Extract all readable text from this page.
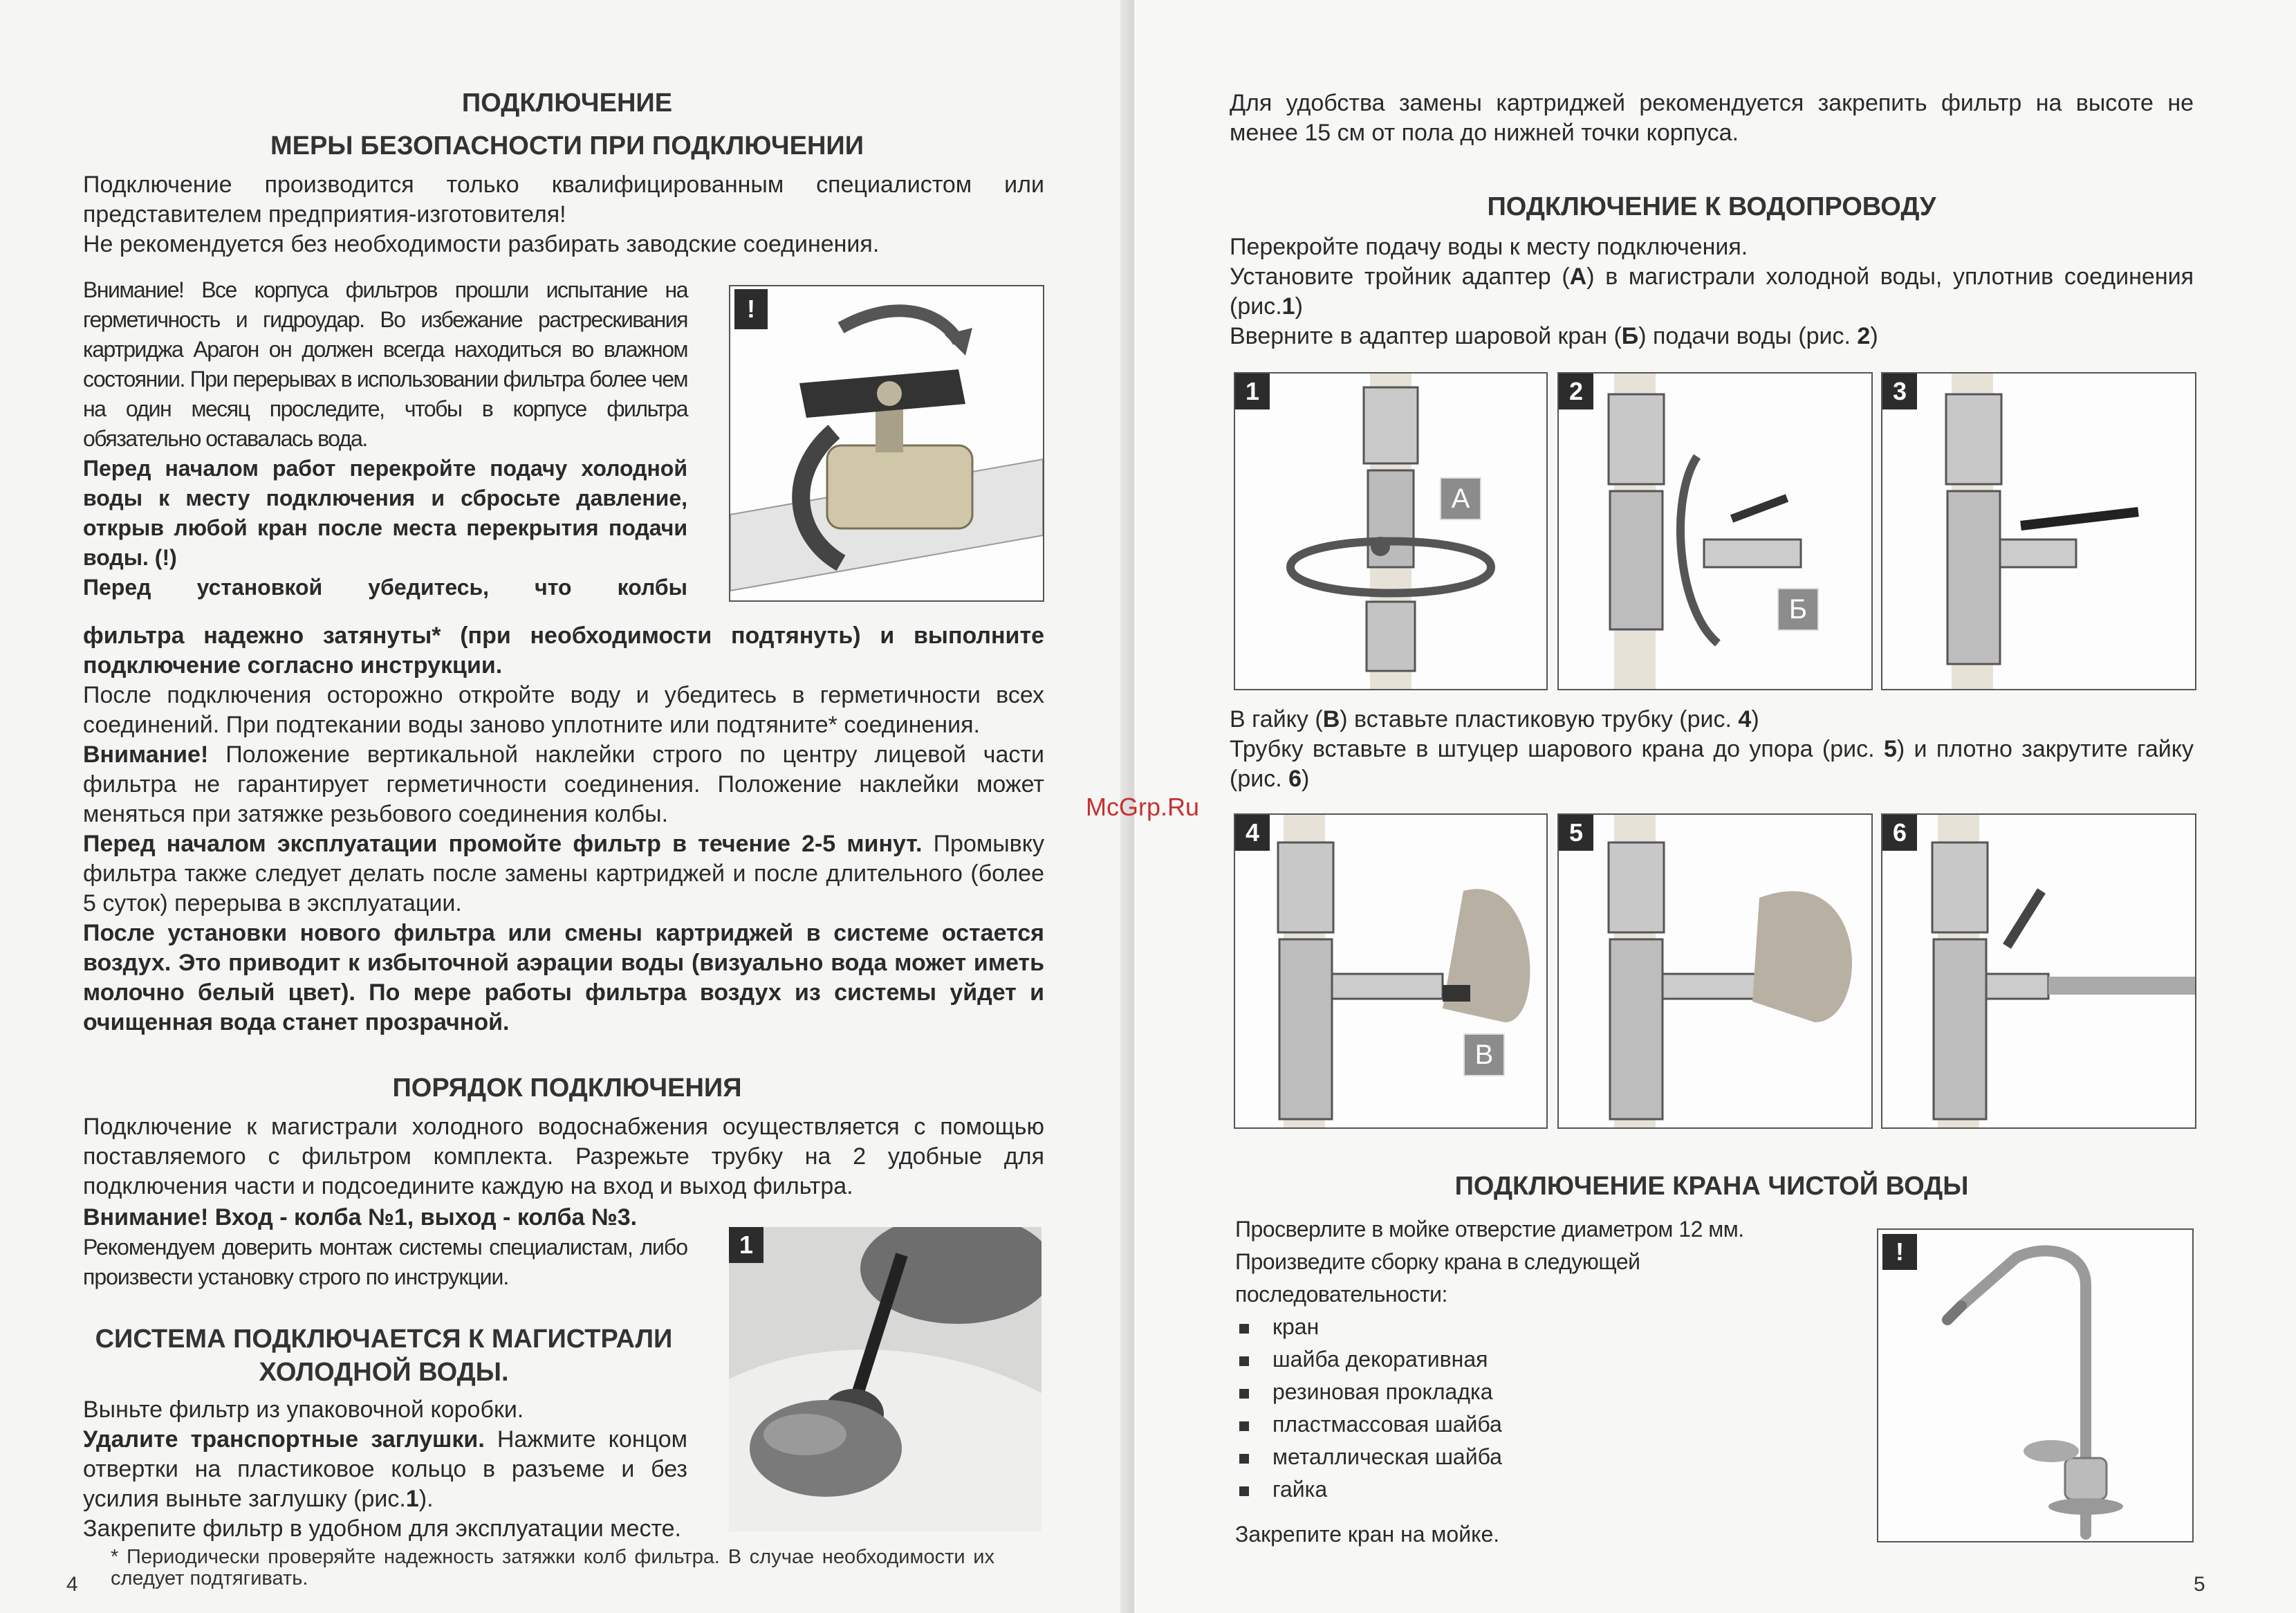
ПОДКЛЮЧЕНИЕ

МЕРЫ БЕЗОПАСНОСТИ ПРИ ПОДКЛЮЧЕНИИ

Подключение производится только квалифицированным специалистом или представителем предприятия-изготовителя!

Не рекомендуется без необходимости разбирать заводские соединения.

Внимание! Все корпуса фильтров прошли испытание на герметичность и гидроудар. Во избежание растрескивания картриджа Арагон он должен всегда находиться во влажном состоянии. При перерывах в использовании фильтра более чем на один месяц проследите, чтобы в корпусе фильтра обязательно оставалась вода.

Перед началом работ перекройте подачу холодной воды к месту подключения и сбросьте давление, открыв любой кран после места перекрытия подачи воды. (!)

Перед установкой убедитесь, что колбы

!

фильтра надежно затянуты* (при необходимости подтянуть) и выполните подключение согласно инструкции.

После подключения осторожно откройте воду и убедитесь в герметичности всех соединений. При подтекании воды заново уплотните или подтяните* соединения.

Внимание! Положение вертикальной наклейки строго по центру лицевой части фильтра не гарантирует герметичности соединения. Положение наклейки может меняться при затяжке резьбового соединения колбы.

Перед началом эксплуатации промойте фильтр в течение 2-5 минут. Промывку фильтра также следует делать после замены картриджей и после длительного (более 5 суток) перерыва в эксплуатации.

После установки нового фильтра или смены картриджей в системе остается воздух. Это приводит к избыточной аэрации воды (визуально вода может иметь молочно белый цвет). По мере работы фильтра воздух из системы уйдет и очищенная вода станет прозрачной.

ПОРЯДОК ПОДКЛЮЧЕНИЯ

Подключение к магистрали холодного водоснабжения осуществляется с помощью поставляемого с фильтром комплекта. Разрежьте трубку на 2 удобные для подключения части и подсоедините каждую на вход и выход фильтра.

Внимание! Вход - колба №1, выход - колба №3.

Рекомендуем доверить монтаж системы специалистам, либо произвести установку строго по инструкции.

СИСТЕМА ПОДКЛЮЧАЕТСЯ К МАГИСТРАЛИ ХОЛОДНОЙ ВОДЫ.

Выньте фильтр из упаковочной коробки.

Удалите транспортные заглушки. Нажмите концом отвертки на пластиковое кольцо в разъеме и без усилия выньте заглушку (рис.1).

Закрепите фильтр в удобном для эксплуатации месте.

1

* Периодически проверяйте надежность затяжки колб фильтра. В случае необходимости их следует подтягивать.

4

Для удобства замены картриджей рекомендуется закрепить фильтр на высоте не менее 15 см от пола до нижней точки корпуса.

ПОДКЛЮЧЕНИЕ К ВОДОПРОВОДУ

Перекройте подачу воды к месту подключения.

Установите тройник адаптер (А) в магистрали холодной воды, уплотнив соединения (рис.1)

Вверните в адаптер шаровой кран (Б) подачи воды (рис. 2)

1
А
2
Б
3

В гайку (В) вставьте пластиковую трубку (рис. 4)

Трубку вставьте в штуцер шарового крана до упора (рис. 5) и плотно закрутите гайку (рис. 6)

4
В
5	6

ПОДКЛЮЧЕНИЕ КРАНА ЧИСТОЙ ВОДЫ

Просверлите в мойке отверстие диаметром 12 мм.

Произведите сборку крана в следующей последовательности:

кран
шайба декоративная
резиновая прокладка
пластмассовая шайба
металлическая шайба
гайка

Закрепите кран на мойке.

!
5
McGrp.Ru
